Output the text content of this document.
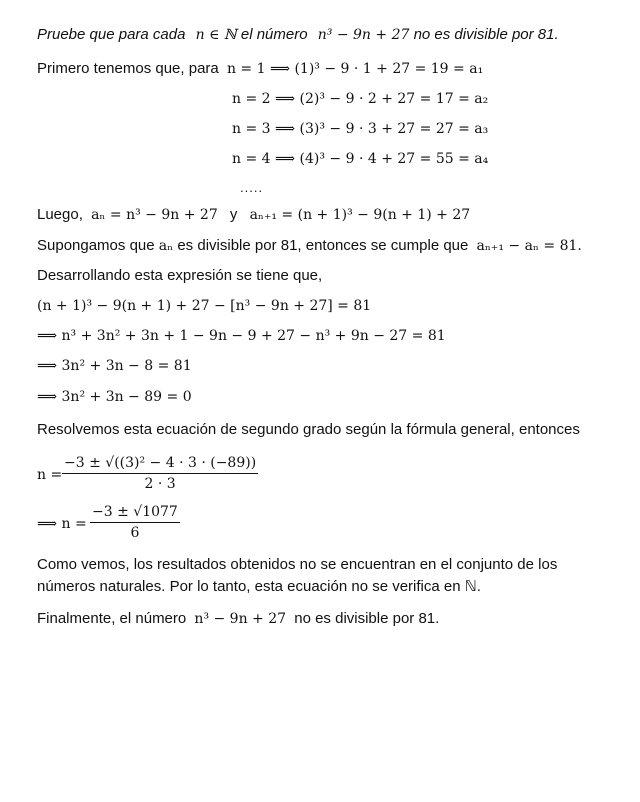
Pruebe que para cada n ∈ ℕ el número n³ − 9n + 27 no es divisible por 81.
Primero tenemos que, para n = 1 ⟹ (1)³ − 9 · 1 + 27 = 19 = a₁
n = 2 ⟹ (2)³ − 9 · 2 + 27 = 17 = a₂
n = 3 ⟹ (3)³ − 9 · 3 + 27 = 27 = a₃
n = 4 ⟹ (4)³ − 9 · 4 + 27 = 55 = a₄
.....
Luego, aₙ = n³ − 9n + 27 y aₙ₊₁ = (n + 1)³ − 9(n + 1) + 27
Supongamos que aₙ es divisible por 81, entonces se cumple que aₙ₊₁ − aₙ = 81.
Desarrollando esta expresión se tiene que,
(n + 1)³ − 9(n + 1) + 27 − [n³ − 9n + 27] = 81
⟹ n³ + 3n² + 3n + 1 − 9n − 9 + 27 − n³ + 9n − 27 = 81
⟹ 3n² + 3n − 8 = 81
⟹ 3n² + 3n − 89 = 0
Resolvemos esta ecuación de segundo grado según la fórmula general, entonces
$n = \frac{\text{−3 ± √((3)² − 4 · 3 · (−89))}}{2 \cdot 3}$
⟹ $n = \frac{-3 \pm √1077}{6}$
Como vemos, los resultados obtenidos no se encuentran en el conjunto de los
números naturales. Por lo tanto, esta ecuación no se verifica en ℕ.
Finalmente, el número n³ − 9n + 27 no es divisible por 81.
